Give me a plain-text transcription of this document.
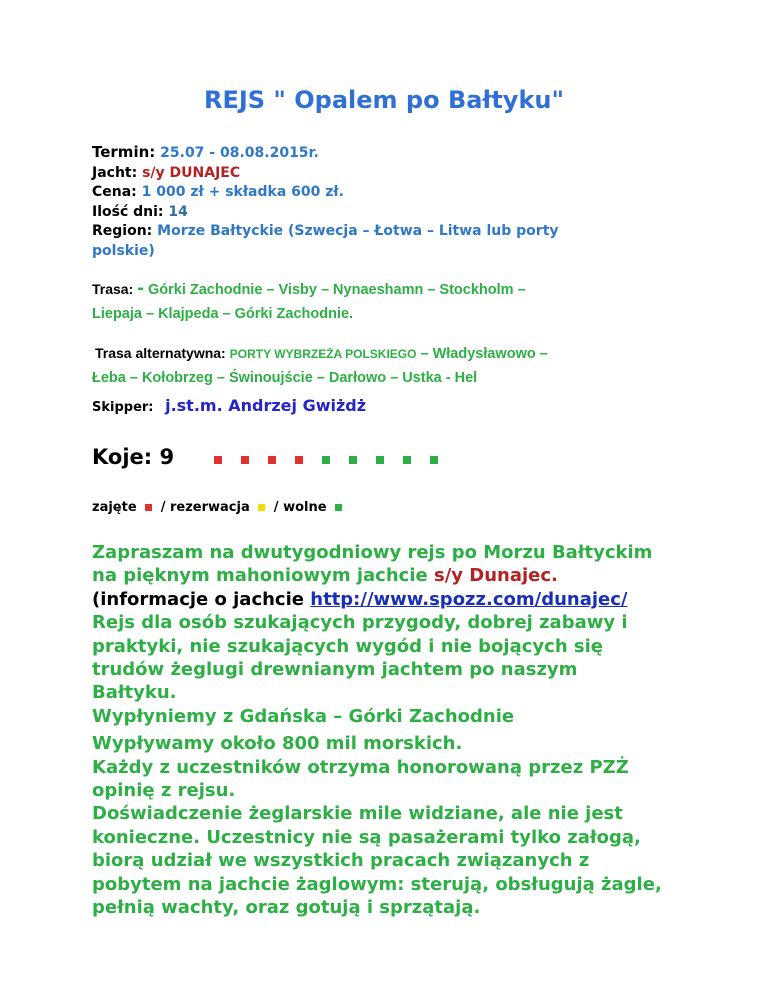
REJS " Opalem po Bałtyku"
Termin: 25.07 - 08.08.2015r.
Jacht: s/y DUNAJEC
Cena: 1 000 zł + składka 600 zł.
Ilość dni: 14
Region: Morze Bałtyckie (Szwecja – Łotwa – Litwa lub porty
polskie)
Trasa: - Górki Zachodnie – Visby – Nynaeshamn – Stockholm –
Liepaja – Klajpeda – Górki Zachodnie.
Trasa alternatywna: PORTY WYBRZEŻA POLSKIEGO – Władysławowo –
Łeba – Kołobrzeg – Świnoujście – Darłowo – Ustka - Hel
Skipper: j.st.m. Andrzej Gwiżdż
Koje: 9
zajęte / rezerwacja / wolne
Zapraszam na dwutygodniowy rejs po Morzu Bałtyckim
na pięknym mahoniowym jachcie s/y Dunajec.
(informacje o jachcie http://www.spozz.com/dunajec/
Rejs dla osób szukających przygody, dobrej zabawy i
praktyki, nie szukających wygód i nie bojących się
trudów żeglugi drewnianym jachtem po naszym
Bałtyku.
Wypłyniemy z Gdańska – Górki Zachodnie
Wypływamy około 800 mil morskich.
Każdy z uczestników otrzyma honorowaną przez PZŻ
opinię z rejsu.
Doświadczenie żeglarskie mile widziane, ale nie jest
konieczne. Uczestnicy nie są pasażerami tylko załogą,
biorą udział we wszystkich pracach związanych z
pobytem na jachcie żaglowym: sterują, obsługują żagle,
pełnią wachty, oraz gotują i sprzątają.
